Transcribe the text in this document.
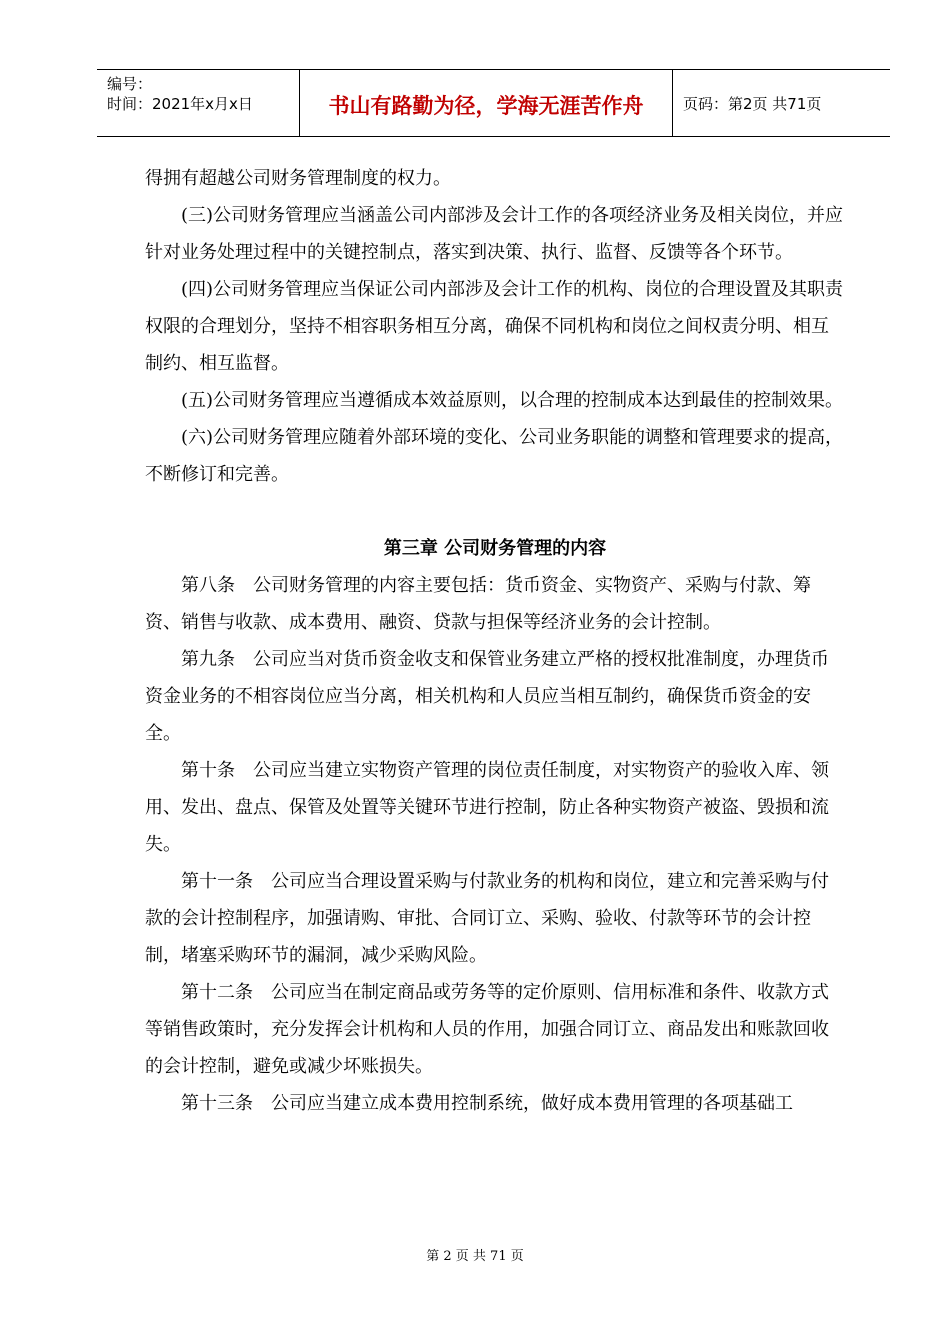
编号：
时间：2021年x月x日	书山有路勤为径，学海无涯苦作舟	页码：第2页 共71页

得拥有超越公司财务管理制度的权力。

(三)公司财务管理应当涵盖公司内部涉及会计工作的各项经济业务及相关岗位，并应针对业务处理过程中的关键控制点，落实到决策、执行、监督、反馈等各个环节。

(四)公司财务管理应当保证公司内部涉及会计工作的机构、岗位的合理设置及其职责权限的合理划分，坚持不相容职务相互分离，确保不同机构和岗位之间权责分明、相互制约、相互监督。

(五)公司财务管理应当遵循成本效益原则，以合理的控制成本达到最佳的控制效果。

(六)公司财务管理应随着外部环境的变化、公司业务职能的调整和管理要求的提高，不断修订和完善。

第三章 公司财务管理的内容

第八条 公司财务管理的内容主要包括：货币资金、实物资产、采购与付款、筹资、销售与收款、成本费用、融资、贷款与担保等经济业务的会计控制。

第九条 公司应当对货币资金收支和保管业务建立严格的授权批准制度，办理货币资金业务的不相容岗位应当分离，相关机构和人员应当相互制约，确保货币资金的安全。

第十条 公司应当建立实物资产管理的岗位责任制度，对实物资产的验收入库、领用、发出、盘点、保管及处置等关键环节进行控制，防止各种实物资产被盗、毁损和流失。

第十一条 公司应当合理设置采购与付款业务的机构和岗位，建立和完善采购与付款的会计控制程序，加强请购、审批、合同订立、采购、验收、付款等环节的会计控制，堵塞采购环节的漏洞，减少采购风险。

第十二条 公司应当在制定商品或劳务等的定价原则、信用标准和条件、收款方式等销售政策时，充分发挥会计机构和人员的作用，加强合同订立、商品发出和账款回收的会计控制，避免或减少坏账损失。

第十三条 公司应当建立成本费用控制系统，做好成本费用管理的各项基础工

第 2 页 共 71 页
